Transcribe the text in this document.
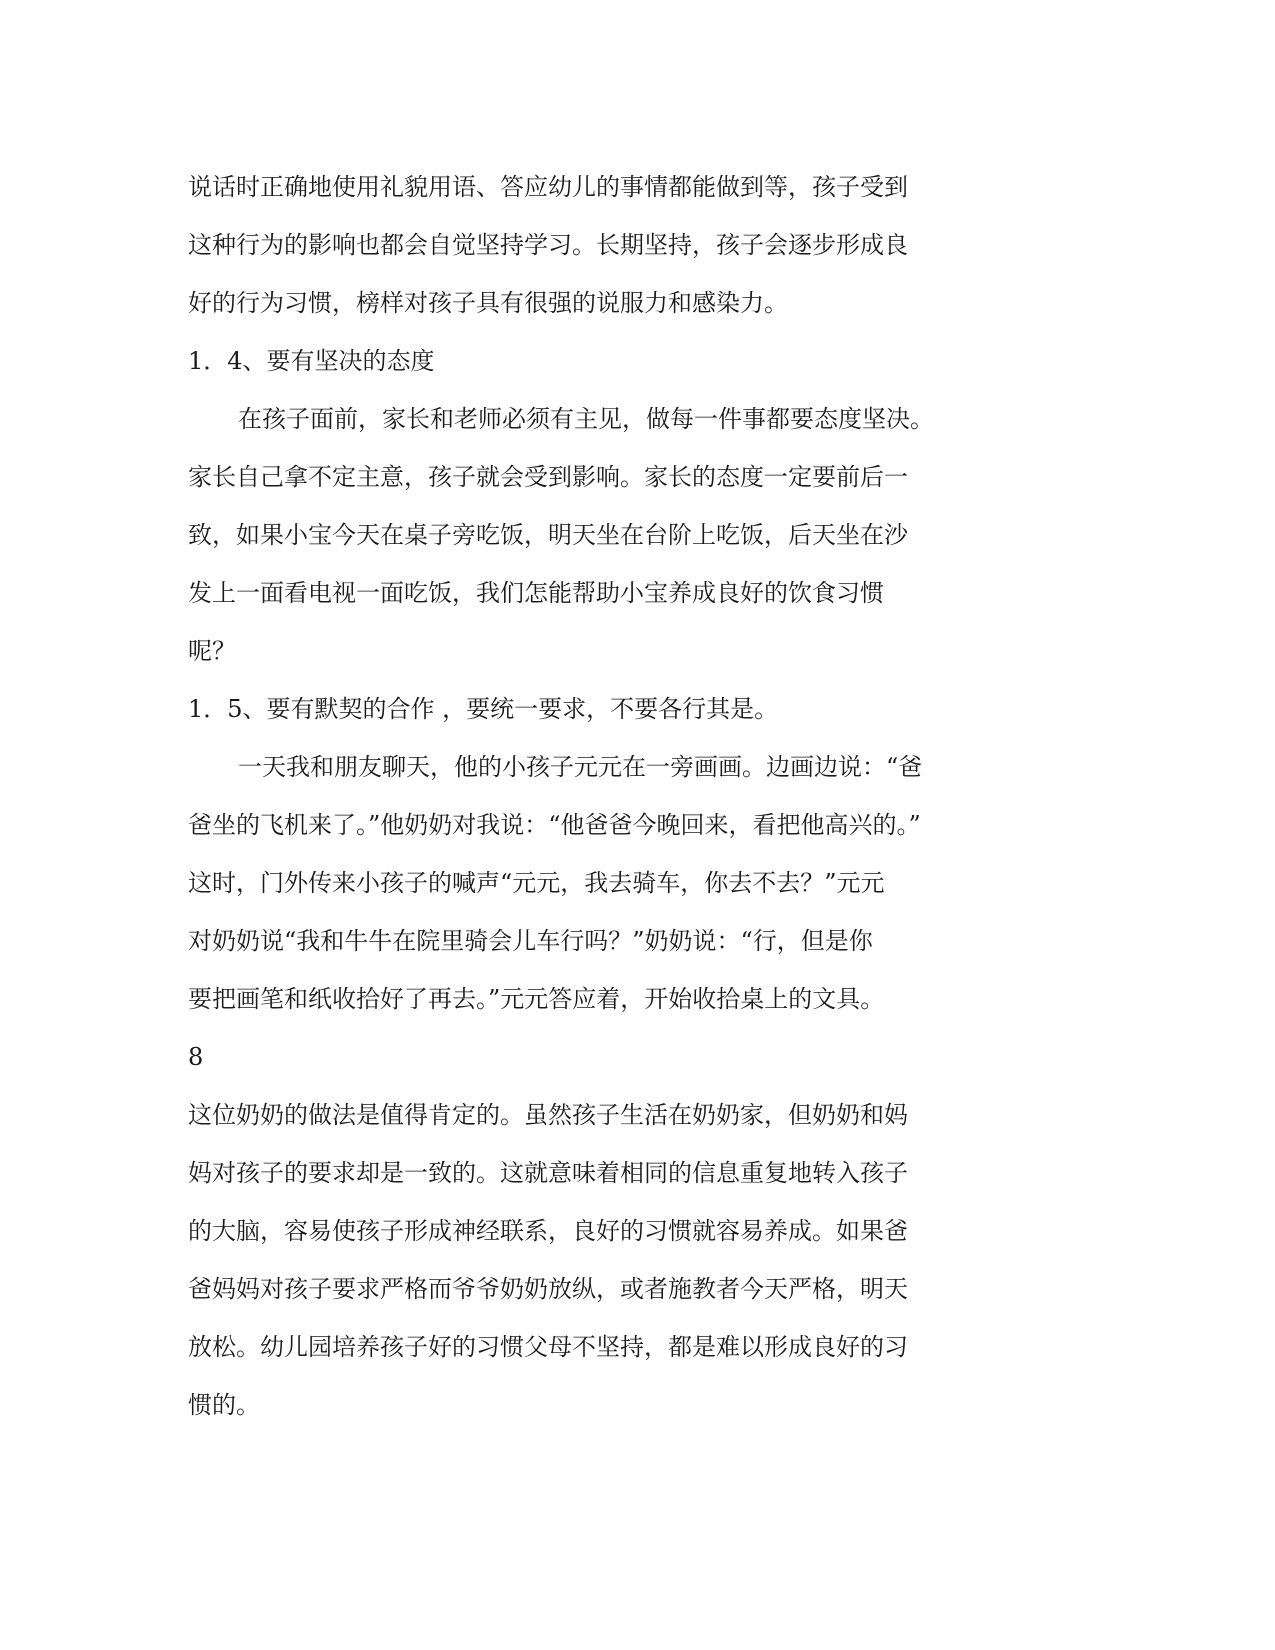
说话时正确地使用礼貌用语、答应幼儿的事情都能做到等，孩子受到

这种行为的影响也都会自觉坚持学习。长期坚持，孩子会逐步形成良

好的行为习惯，榜样对孩子具有很强的说服力和感染力。

1．4、要有坚决的态度

在孩子面前，家长和老师必须有主见，做每一件事都要态度坚决。

家长自己拿不定主意，孩子就会受到影响。家长的态度一定要前后一

致，如果小宝今天在桌子旁吃饭，明天坐在台阶上吃饭，后天坐在沙

发上一面看电视一面吃饭，我们怎能帮助小宝养成良好的饮食习惯

呢？

1．5、要有默契的合作 ，要统一要求，不要各行其是。

一天我和朋友聊天，他的小孩子元元在一旁画画。边画边说：“爸

爸坐的飞机来了。”他奶奶对我说：“他爸爸今晚回来，看把他高兴的。”

这时，门外传来小孩子的喊声“元元，我去骑车，你去不去？”元元

对奶奶说“我和牛牛在院里骑会儿车行吗？”奶奶说：“行，但是你

要把画笔和纸收拾好了再去。”元元答应着，开始收拾桌上的文具。

8

这位奶奶的做法是值得肯定的。虽然孩子生活在奶奶家，但奶奶和妈

妈对孩子的要求却是一致的。这就意味着相同的信息重复地转入孩子

的大脑，容易使孩子形成神经联系，良好的习惯就容易养成。如果爸

爸妈妈对孩子要求严格而爷爷奶奶放纵，或者施教者今天严格，明天

放松。幼儿园培养孩子好的习惯父母不坚持，都是难以形成良好的习

惯的。
